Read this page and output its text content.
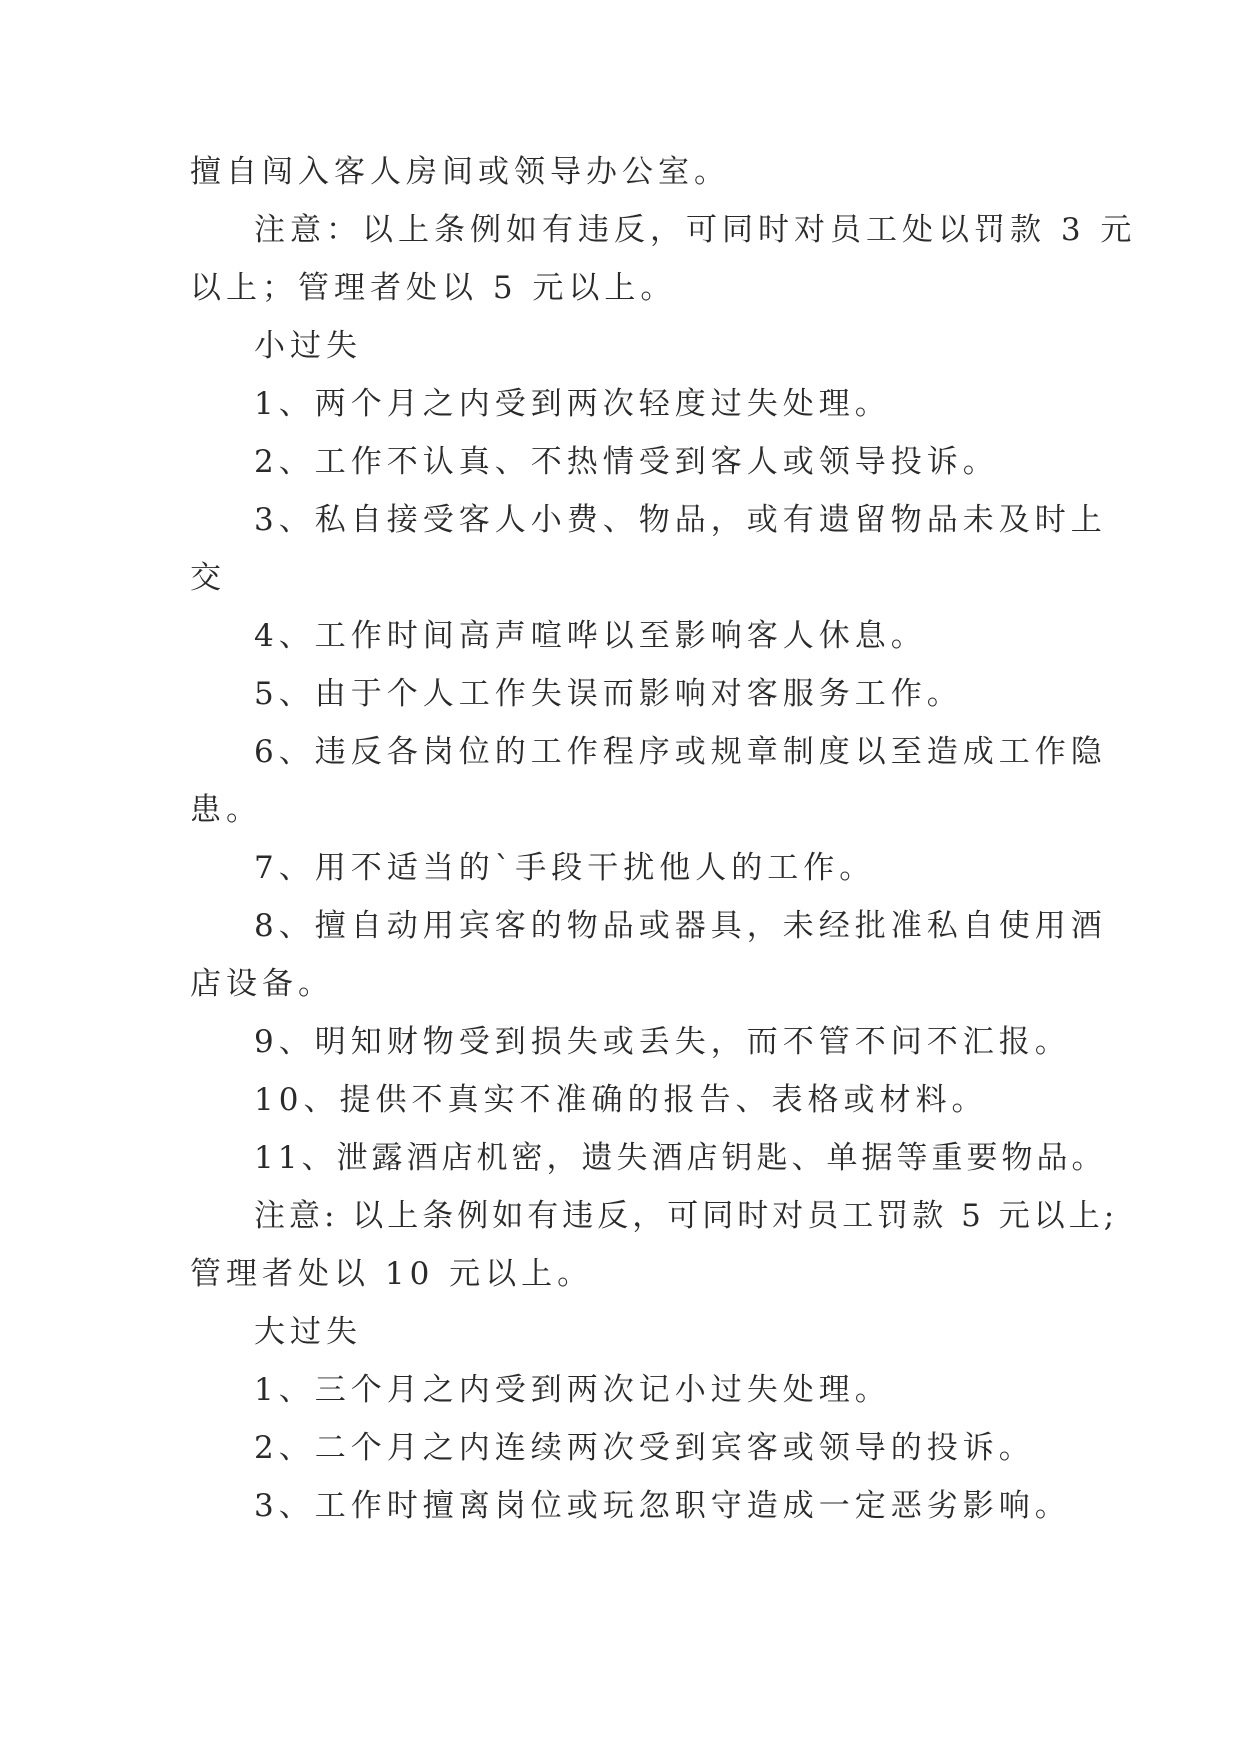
擅自闯入客人房间或领导办公室。
注意：以上条例如有违反，可同时对员工处以罚款 3 元
以上；管理者处以 5 元以上。
小过失
1、两个月之内受到两次轻度过失处理。
2、工作不认真、不热情受到客人或领导投诉。
3、私自接受客人小费、物品，或有遗留物品未及时上
交
4、工作时间高声喧哗以至影响客人休息。
5、由于个人工作失误而影响对客服务工作。
6、违反各岗位的工作程序或规章制度以至造成工作隐
患。
7、用不适当的`手段干扰他人的工作。
8、擅自动用宾客的物品或器具，未经批准私自使用酒
店设备。
9、明知财物受到损失或丢失，而不管不问不汇报。
10、提供不真实不准确的报告、表格或材料。
11、泄露酒店机密，遗失酒店钥匙、单据等重要物品。
注意: 以上条例如有违反，可同时对员工罚款 5 元以上;
管理者处以 10 元以上。
大过失
1、三个月之内受到两次记小过失处理。
2、二个月之内连续两次受到宾客或领导的投诉。
3、工作时擅离岗位或玩忽职守造成一定恶劣影响。
